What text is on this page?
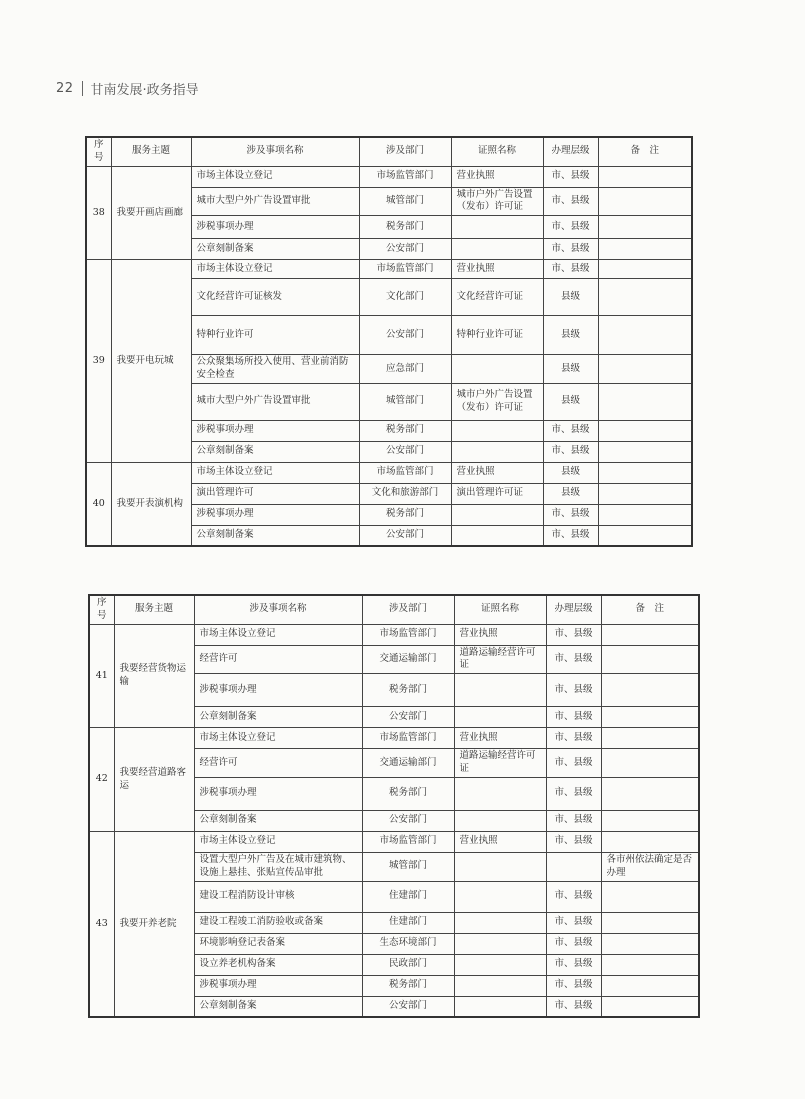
22 甘南发展·政务指导
序号	服务主题	涉及事项名称	涉及部门	证照名称	办理层级	备　注
38	我要开画店画廊	市场主体设立登记	市场监管部门	营业执照	市、县级	
		城市大型户外广告设置审批	城管部门	城市户外广告设置（发布）许可证	市、县级	
		涉税事项办理	税务部门		市、县级	
		公章刻制备案	公安部门		市、县级	
39	我要开电玩城	市场主体设立登记	市场监管部门	营业执照	市、县级	
		文化经营许可证核发	文化部门	文化经营许可证	县级	
		特种行业许可	公安部门	特种行业许可证	县级	
		公众聚集场所投入使用、营业前消防安全检查	应急部门		县级	
		城市大型户外广告设置审批	城管部门	城市户外广告设置（发布）许可证	县级	
		涉税事项办理	税务部门		市、县级	
		公章刻制备案	公安部门		市、县级	
40	我要开表演机构	市场主体设立登记	市场监管部门	营业执照	县级	
		演出管理许可	文化和旅游部门	演出管理许可证	县级	
		涉税事项办理	税务部门		市、县级	
		公章刻制备案	公安部门		市、县级	
序号	服务主题	涉及事项名称	涉及部门	证照名称	办理层级	备　注
41	我要经营货物运输	市场主体设立登记	市场监管部门	营业执照	市、县级	
		经营许可	交通运输部门	道路运输经营许可证	市、县级	
		涉税事项办理	税务部门		市、县级	
		公章刻制备案	公安部门		市、县级	
42	我要经营道路客运	市场主体设立登记	市场监管部门	营业执照	市、县级	
		经营许可	交通运输部门	道路运输经营许可证	市、县级	
		涉税事项办理	税务部门		市、县级	
		公章刻制备案	公安部门		市、县级	
43	我要开养老院	市场主体设立登记	市场监管部门	营业执照	市、县级	
		设置大型户外广告及在城市建筑物、设施上悬挂、张贴宣传品审批	城管部门			各市州依法确定是否办理
		建设工程消防设计审核	住建部门		市、县级	
		建设工程竣工消防验收或备案	住建部门		市、县级	
		环境影响登记表备案	生态环境部门		市、县级	
		设立养老机构备案	民政部门		市、县级	
		涉税事项办理	税务部门		市、县级	
		公章刻制备案	公安部门		市、县级	
